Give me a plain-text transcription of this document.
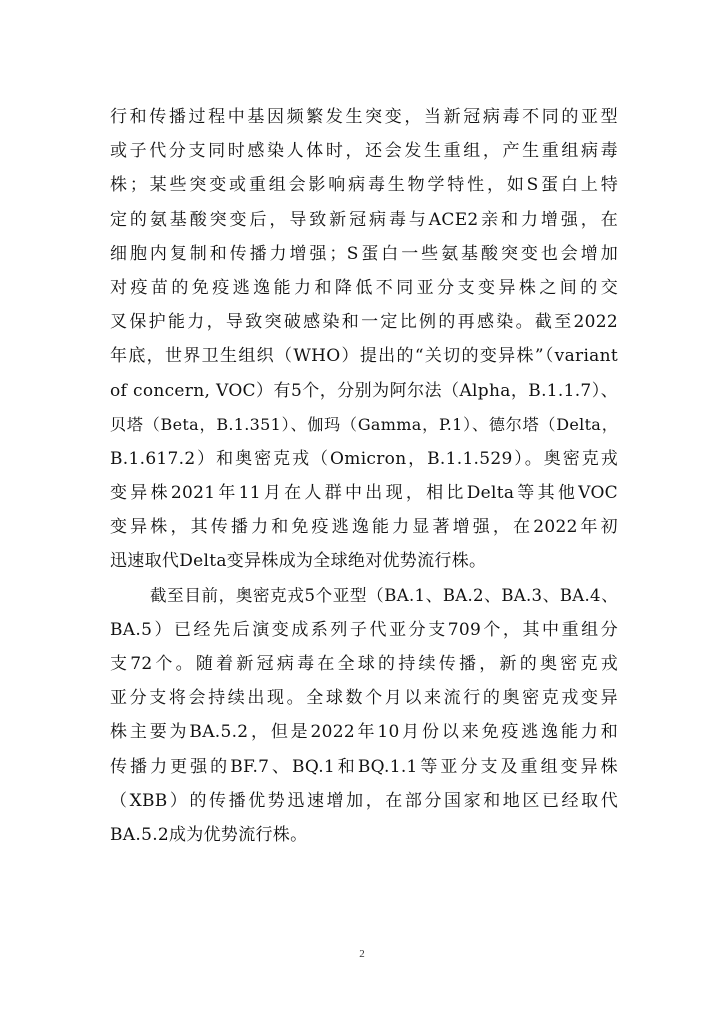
行和传播过程中基因频繁发生突变，当新冠病毒不同的亚型
或子代分支同时感染人体时，还会发生重组，产生重组病毒
株；某些突变或重组会影响病毒生物学特性，如S蛋白上特
定的氨基酸突变后，导致新冠病毒与ACE2亲和力增强，在
细胞内复制和传播力增强；S蛋白一些氨基酸突变也会增加
对疫苗的免疫逃逸能力和降低不同亚分支变异株之间的交
叉保护能力，导致突破感染和一定比例的再感染。截至2022
年底，世界卫生组织（WHO）提出的“关切的变异株”（variant
of concern, VOC）有5个，分别为阿尔法（Alpha，B.1.1.7）、
贝塔（Beta，B.1.351）、伽玛（Gamma，P.1）、德尔塔（Delta，
B.1.617.2）和奥密克戎（Omicron，B.1.1.529）。奥密克戎
变异株2021年11月在人群中出现，相比Delta等其他VOC
变异株，其传播力和免疫逃逸能力显著增强，在2022年初
迅速取代Delta变异株成为全球绝对优势流行株。
截至目前，奥密克戎5个亚型（BA.1、BA.2、BA.3、BA.4、
BA.5）已经先后演变成系列子代亚分支709个，其中重组分
支72个。随着新冠病毒在全球的持续传播，新的奥密克戎
亚分支将会持续出现。全球数个月以来流行的奥密克戎变异
株主要为BA.5.2，但是2022年10月份以来免疫逃逸能力和
传播力更强的BF.7、BQ.1和BQ.1.1等亚分支及重组变异株
（XBB）的传播优势迅速增加，在部分国家和地区已经取代
BA.5.2成为优势流行株。
2
